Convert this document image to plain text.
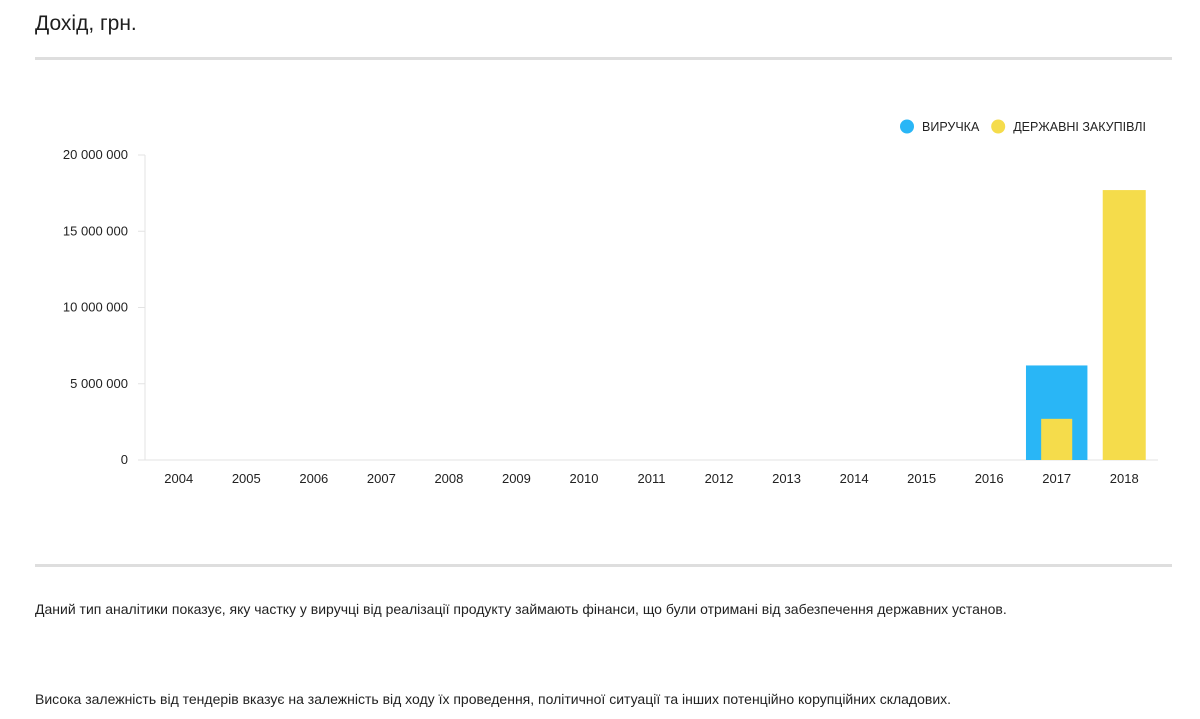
Дохід, грн.
0
5 000 000
10 000 000
15 000 000
20 000 000
2004	2005	2006	2007	2008	2009	2010	2011	2012	2013	2014	2015	2016	2017	2018
ДЕРЖАВНІ ЗАКУПІВЛІ
ВИРУЧКА

Даний тип аналітики показує, яку частку у виручці від реалізації продукту займають фінанси, що були отримані від забезпечення державних установ.

Висока залежність від тендерів вказує на залежність від ходу їх проведення, політичної ситуації та інших потенційно корупційних складових.
